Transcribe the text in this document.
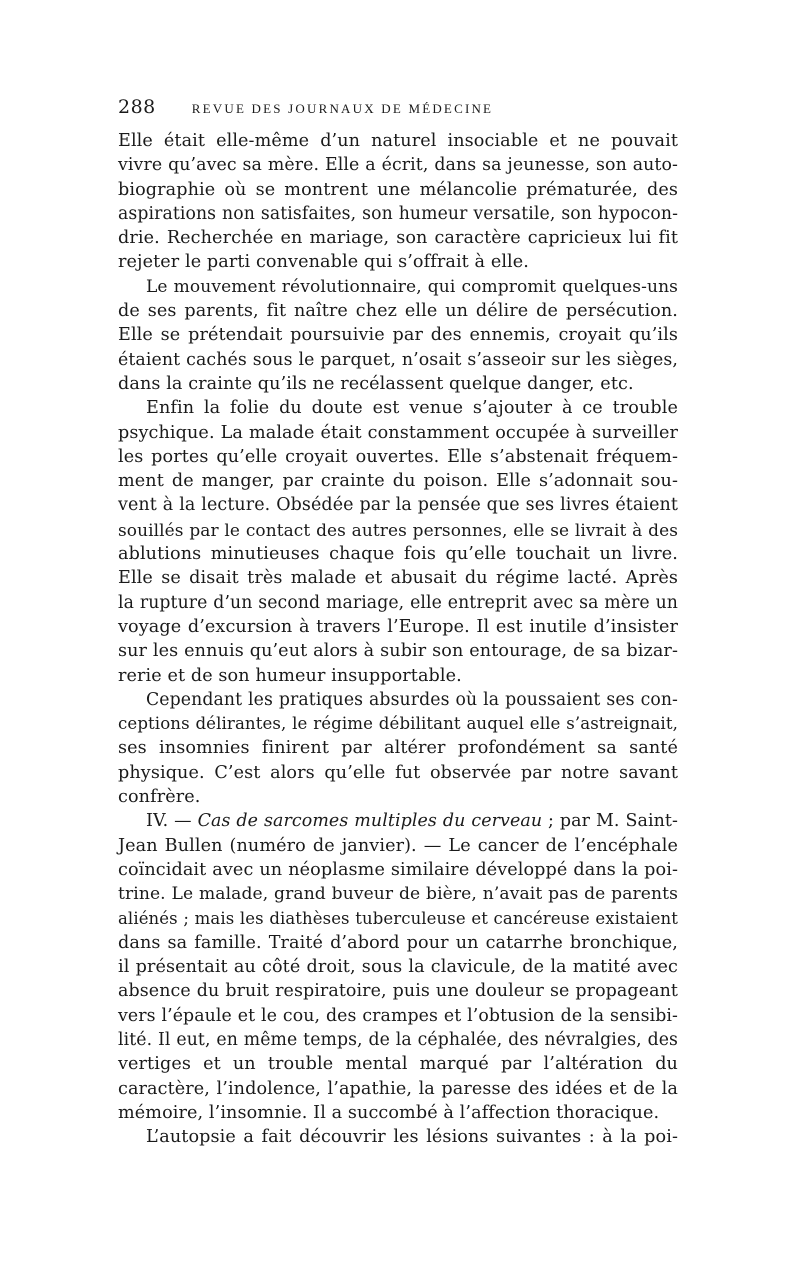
288	REVUE DES JOURNAUX DE MÉDECINE
Elle était elle-même d’un naturel insociable et ne pouvait
vivre qu’avec sa mère. Elle a écrit, dans sa jeunesse, son auto-
biographie où se montrent une mélancolie prématurée, des
aspirations non satisfaites, son humeur versatile, son hypocon-
drie. Recherchée en mariage, son caractère capricieux lui fit
rejeter le parti convenable qui s’offrait à elle.
Le mouvement révolutionnaire, qui compromit quelques-uns
de ses parents, fit naître chez elle un délire de persécution.
Elle se prétendait poursuivie par des ennemis, croyait qu’ils
étaient cachés sous le parquet, n’osait s’asseoir sur les sièges,
dans la crainte qu’ils ne recélassent quelque danger, etc.
Enfin la folie du doute est venue s’ajouter à ce trouble
psychique. La malade était constamment occupée à surveiller
les portes qu’elle croyait ouvertes. Elle s’abstenait fréquem-
ment de manger, par crainte du poison. Elle s’adonnait sou-
vent à la lecture. Obsédée par la pensée que ses livres étaient
souillés par le contact des autres personnes, elle se livrait à des
ablutions minutieuses chaque fois qu’elle touchait un livre.
Elle se disait très malade et abusait du régime lacté. Après
la rupture d’un second mariage, elle entreprit avec sa mère un
voyage d’excursion à travers l’Europe. Il est inutile d’insister
sur les ennuis qu’eut alors à subir son entourage, de sa bizar-
rerie et de son humeur insupportable.
Cependant les pratiques absurdes où la poussaient ses con-
ceptions délirantes, le régime débilitant auquel elle s’astreignait,
ses insomnies finirent par altérer profondément sa santé
physique. C’est alors qu’elle fut observée par notre savant
confrère.
IV. — Cas de sarcomes multiples du cerveau ; par M. Saint-
Jean Bullen (numéro de janvier). — Le cancer de l’encéphale
coïncidait avec un néoplasme similaire développé dans la poi-
trine. Le malade, grand buveur de bière, n’avait pas de parents
aliénés ; mais les diathèses tuberculeuse et cancéreuse existaient
dans sa famille. Traité d’abord pour un catarrhe bronchique,
il présentait au côté droit, sous la clavicule, de la matité avec
absence du bruit respiratoire, puis une douleur se propageant
vers l’épaule et le cou, des crampes et l’obtusion de la sensibi-
lité. Il eut, en même temps, de la céphalée, des névralgies, des
vertiges et un trouble mental marqué par l’altération du
caractère, l’indolence, l’apathie, la paresse des idées et de la
mémoire, l’insomnie. Il a succombé à l’affection thoracique.
L’autopsie a fait découvrir les lésions suivantes : à la poi-
